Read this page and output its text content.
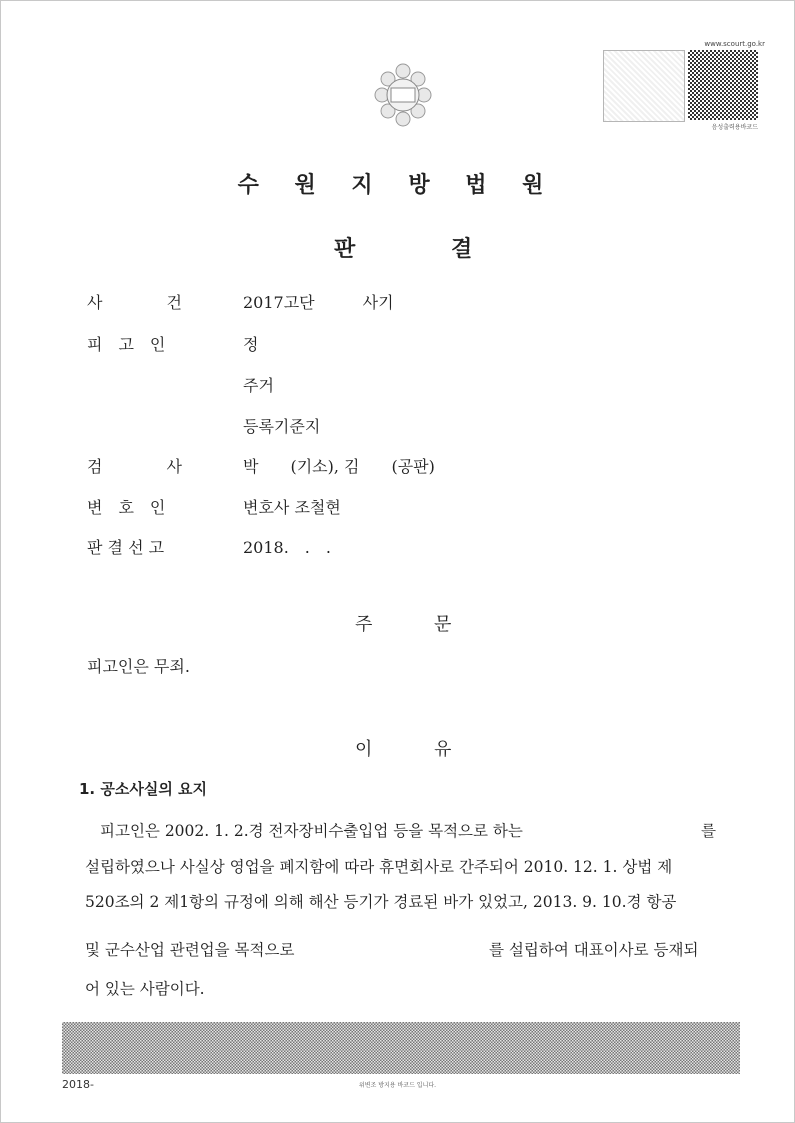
www.scourt.go.kr
음성출력용바코드
수 원 지 방 법 원
판	결
사　　　　건	2017고단　　　사기
피　고　인	정
주거
등록기준지
검　　　　사	박　　(기소), 김　　(공판)
변　호　인	변호사 조철현
판 결 선 고	2018.　.　.
주	문
피고인은 무죄.
이	유
1. 공소사실의 요지
피고인은 2002. 1. 2.경 전자장비수출입업 등을 목적으로 하는	를
설립하였으나 사실상 영업을 폐지함에 따라 휴면회사로 간주되어 2010. 12. 1. 상법 제
520조의 2 제1항의 규정에 의해 해산 등기가 경료된 바가 있었고, 2013. 9. 10.경 항공
및 군수산업 관련업을 목적으로	를 설립하여 대표이사로 등재되
어 있는 사람이다.
2018-	위변조 방지용 바코드 입니다.
